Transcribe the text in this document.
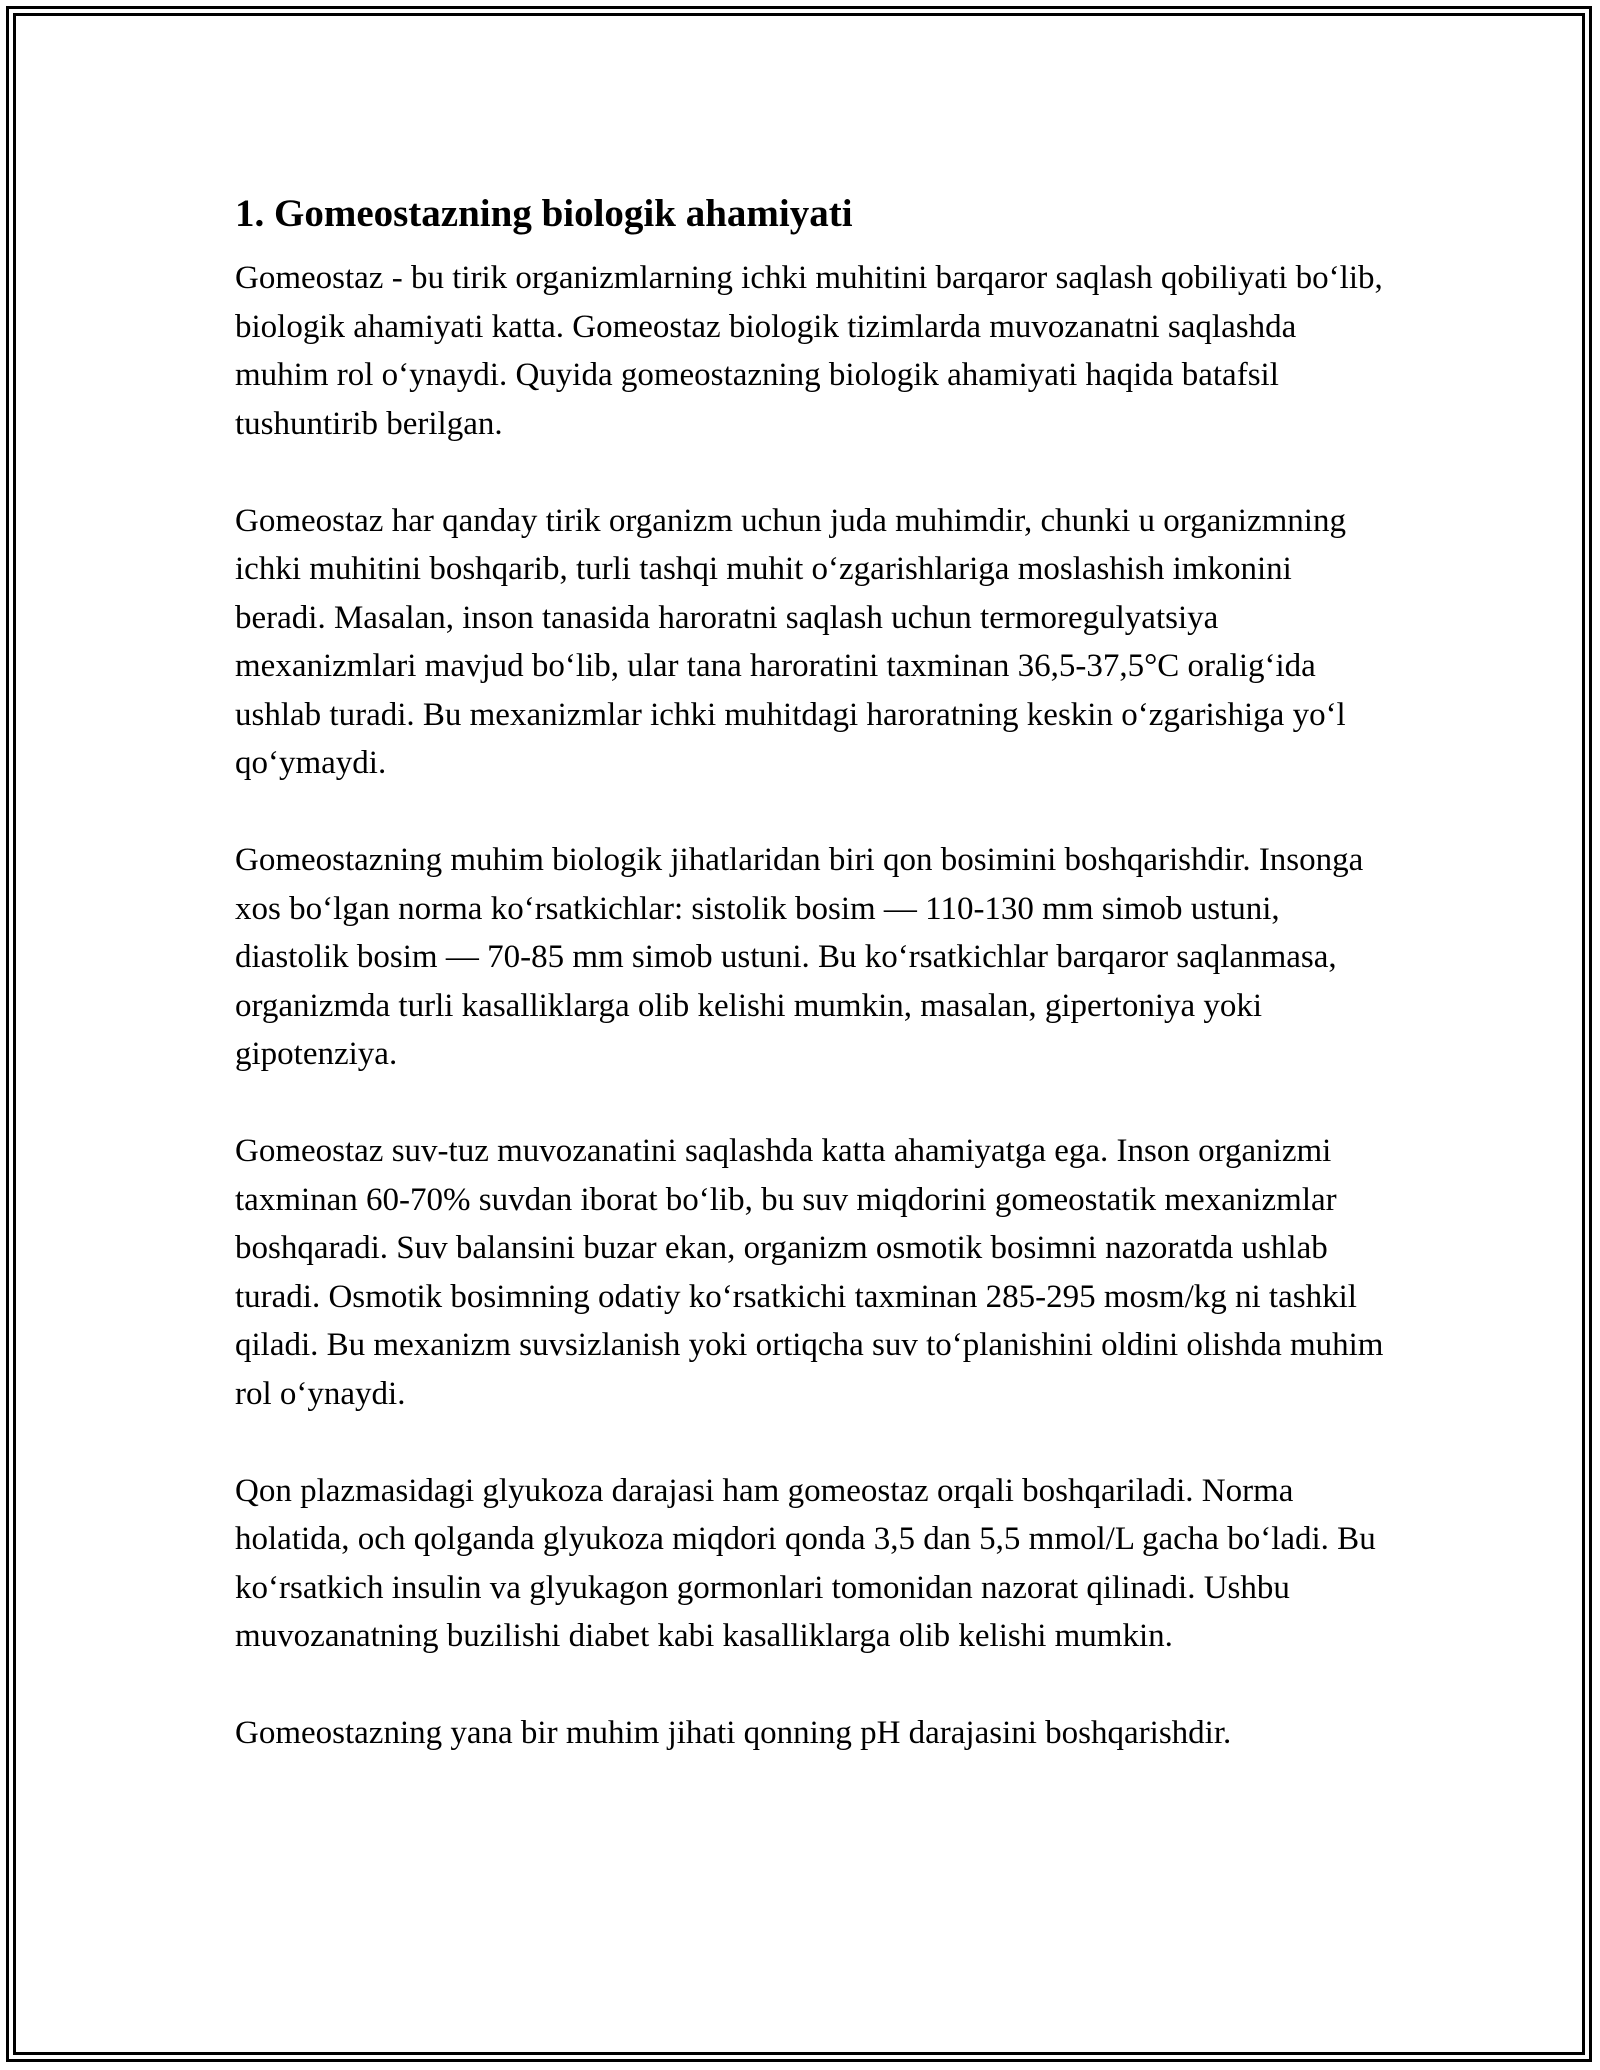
1. Gomeostazning biologik ahamiyati

Gomeostaz - bu tirik organizmlarning ichki muhitini barqaror saqlash qobiliyati bo‘lib, biologik ahamiyati katta. Gomeostaz biologik tizimlarda muvozanatni saqlashda muhim rol o‘ynaydi. Quyida gomeostazning biologik ahamiyati haqida batafsil tushuntirib berilgan.

Gomeostaz har qanday tirik organizm uchun juda muhimdir, chunki u organizmning ichki muhitini boshqarib, turli tashqi muhit o‘zgarishlariga moslashish imkonini beradi. Masalan, inson tanasida haroratni saqlash uchun termoregulyatsiya mexanizmlari mavjud bo‘lib, ular tana haroratini taxminan 36,5-37,5°C oralig‘ida ushlab turadi. Bu mexanizmlar ichki muhitdagi haroratning keskin o‘zgarishiga yo‘l qo‘ymaydi.

Gomeostazning muhim biologik jihatlaridan biri qon bosimini boshqarishdir. Insonga xos bo‘lgan norma ko‘rsatkichlar: sistolik bosim — 110-130 mm simob ustuni, diastolik bosim — 70-85 mm simob ustuni. Bu ko‘rsatkichlar barqaror saqlanmasa, organizmda turli kasalliklarga olib kelishi mumkin, masalan, gipertoniya yoki gipotenziya.

Gomeostaz suv-tuz muvozanatini saqlashda katta ahamiyatga ega. Inson organizmi taxminan 60-70% suvdan iborat bo‘lib, bu suv miqdorini gomeostatik mexanizmlar boshqaradi. Suv balansini buzar ekan, organizm osmotik bosimni nazoratda ushlab turadi. Osmotik bosimning odatiy ko‘rsatkichi taxminan 285-295 mosm/kg ni tashkil qiladi. Bu mexanizm suvsizlanish yoki ortiqcha suv to‘planishini oldini olishda muhim rol o‘ynaydi.

Qon plazmasidagi glyukoza darajasi ham gomeostaz orqali boshqariladi. Norma holatida, och qolganda glyukoza miqdori qonda 3,5 dan 5,5 mmol/L gacha bo‘ladi. Bu ko‘rsatkich insulin va glyukagon gormonlari tomonidan nazorat qilinadi. Ushbu muvozanatning buzilishi diabet kabi kasalliklarga olib kelishi mumkin.

Gomeostazning yana bir muhim jihati qonning pH darajasini boshqarishdir.
